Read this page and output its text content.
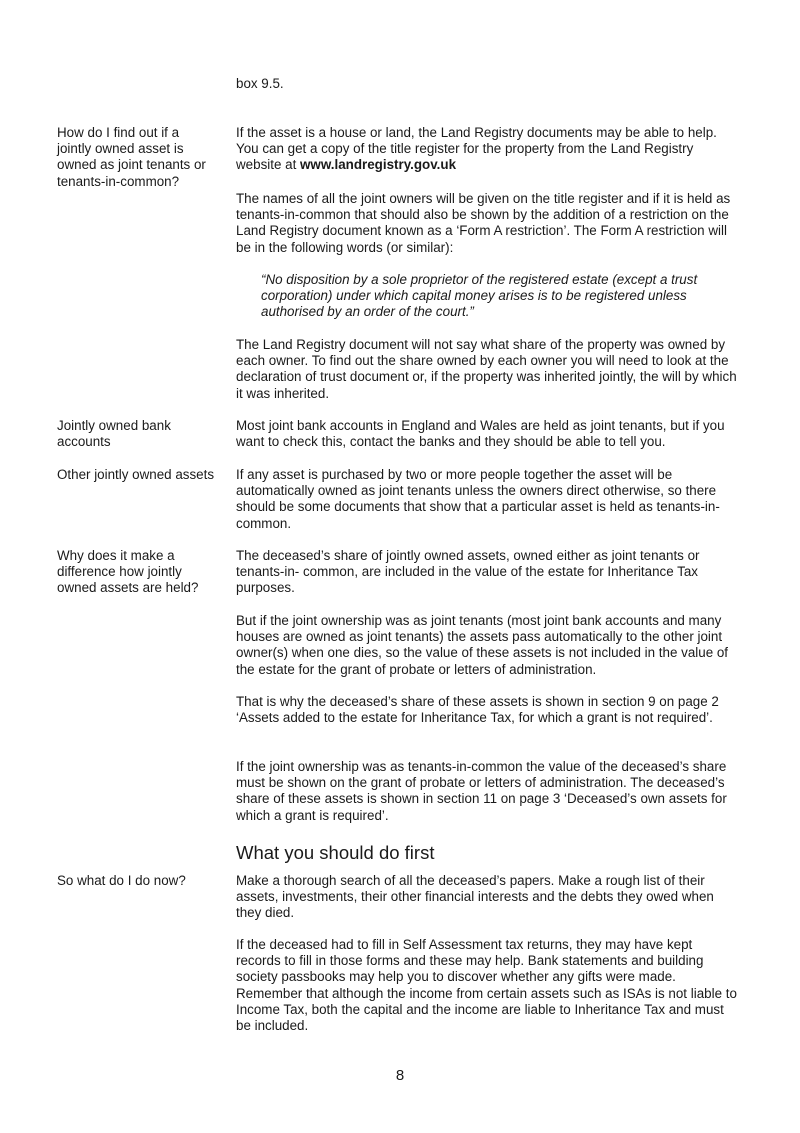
box 9.5.

How do I find out if a jointly owned asset is owned as joint tenants or tenants-in-common?

If the asset is a house or land, the Land Registry documents may be able to help. You can get a copy of the title register for the property from the Land Registry website at www.landregistry.gov.uk

The names of all the joint owners will be given on the title register and if it is held as tenants-in-common that should also be shown by the addition of a restriction on the Land Registry document known as a ‘Form A restriction’. The Form A restriction will be in the following words (or similar):

“No disposition by a sole proprietor of the registered estate (except a trust corporation) under which capital money arises is to be registered unless authorised by an order of the court.”

The Land Registry document will not say what share of the property was owned by each owner. To find out the share owned by each owner you will need to look at the declaration of trust document or, if the property was inherited jointly, the will by which it was inherited.

Jointly owned bank accounts

Most joint bank accounts in England and Wales are held as joint tenants, but if you want to check this, contact the banks and they should be able to tell you.

Other jointly owned assets If any asset is purchased by two or more people together the asset will be automatically owned as joint tenants unless the owners direct otherwise, so there should be some documents that show that a particular asset is held as tenants-in-common.

Why does it make a difference how jointly owned assets are held?

The deceased’s share of jointly owned assets, owned either as joint tenants or tenants-in- common, are included in the value of the estate for Inheritance Tax purposes.

But if the joint ownership was as joint tenants (most joint bank accounts and many houses are owned as joint tenants) the assets pass automatically to the other joint owner(s) when one dies, so the value of these assets is not included in the value of the estate for the grant of probate or letters of administration.

That is why the deceased’s share of these assets is shown in section 9 on page 2 ‘Assets added to the estate for Inheritance Tax, for which a grant is not required’.

If the joint ownership was as tenants-in-common the value of the deceased’s share must be shown on the grant of probate or letters of administration. The deceased’s share of these assets is shown in section 11 on page 3 ‘Deceased’s own assets for which a grant is required’.

What you should do first

So what do I do now?	Make a thorough search of all the deceased’s papers. Make a rough list of their assets, investments, their other financial interests and the debts they owed when they died.

If the deceased had to fill in Self Assessment tax returns, they may have kept records to fill in those forms and these may help. Bank statements and building society passbooks may help you to discover whether any gifts were made. Remember that although the income from certain assets such as ISAs is not liable to Income Tax, both the capital and the income are liable to Inheritance Tax and must be included.

8
